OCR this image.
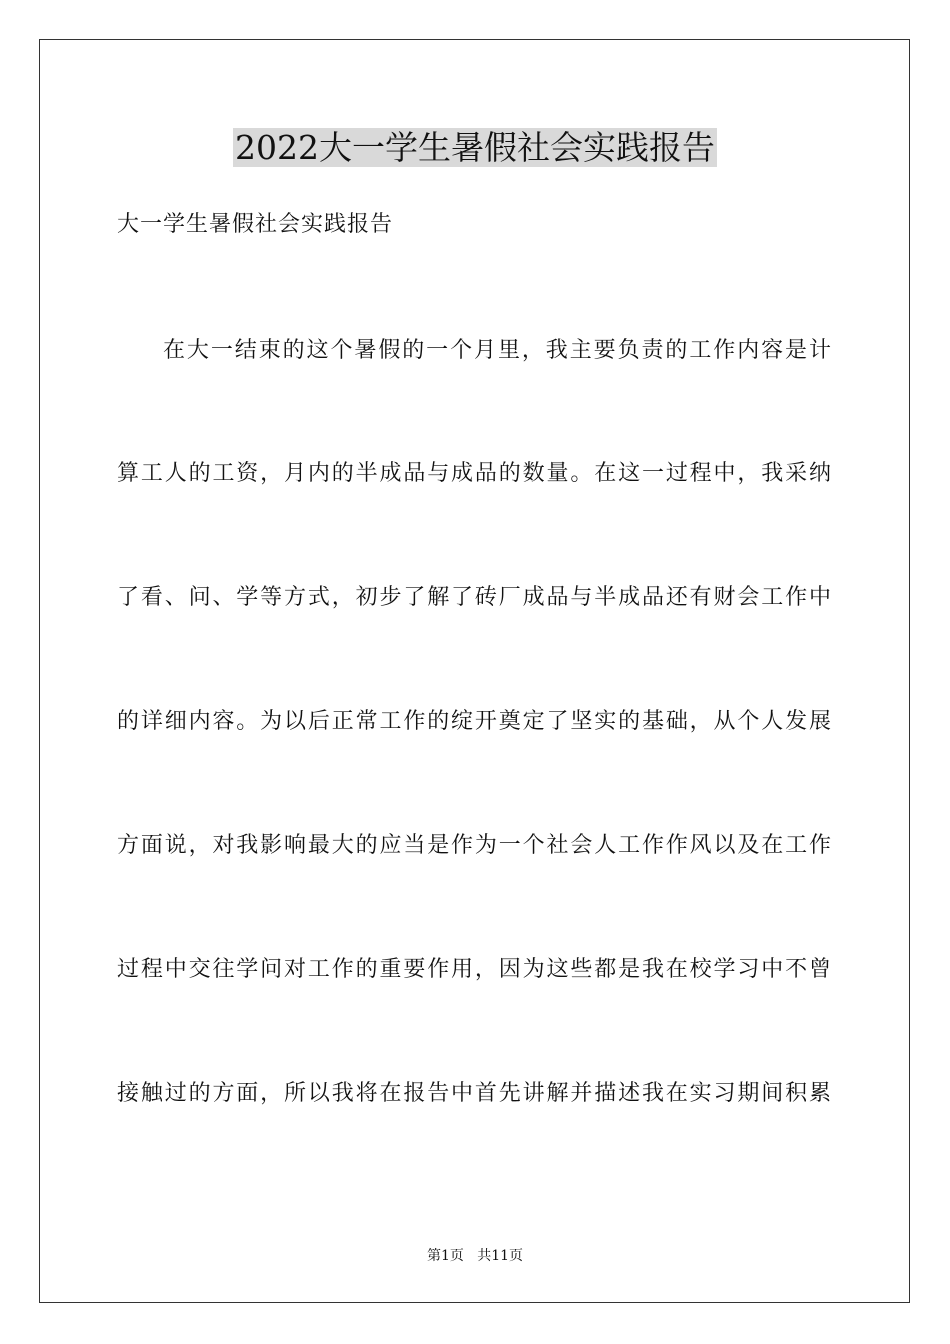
2022大一学生暑假社会实践报告
大一学生暑假社会实践报告
在大一结束的这个暑假的一个月里，我主要负责的工作内容是计
算工人的工资，月内的半成品与成品的数量。在这一过程中，我采纳
了看、问、学等方式，初步了解了砖厂成品与半成品还有财会工作中
的详细内容。为以后正常工作的绽开奠定了坚实的基础，从个人发展
方面说，对我影响最大的应当是作为一个社会人工作作风以及在工作
过程中交往学问对工作的重要作用，因为这些都是我在校学习中不曾
接触过的方面，所以我将在报告中首先讲解并描述我在实习期间积累
第1页   共11页
